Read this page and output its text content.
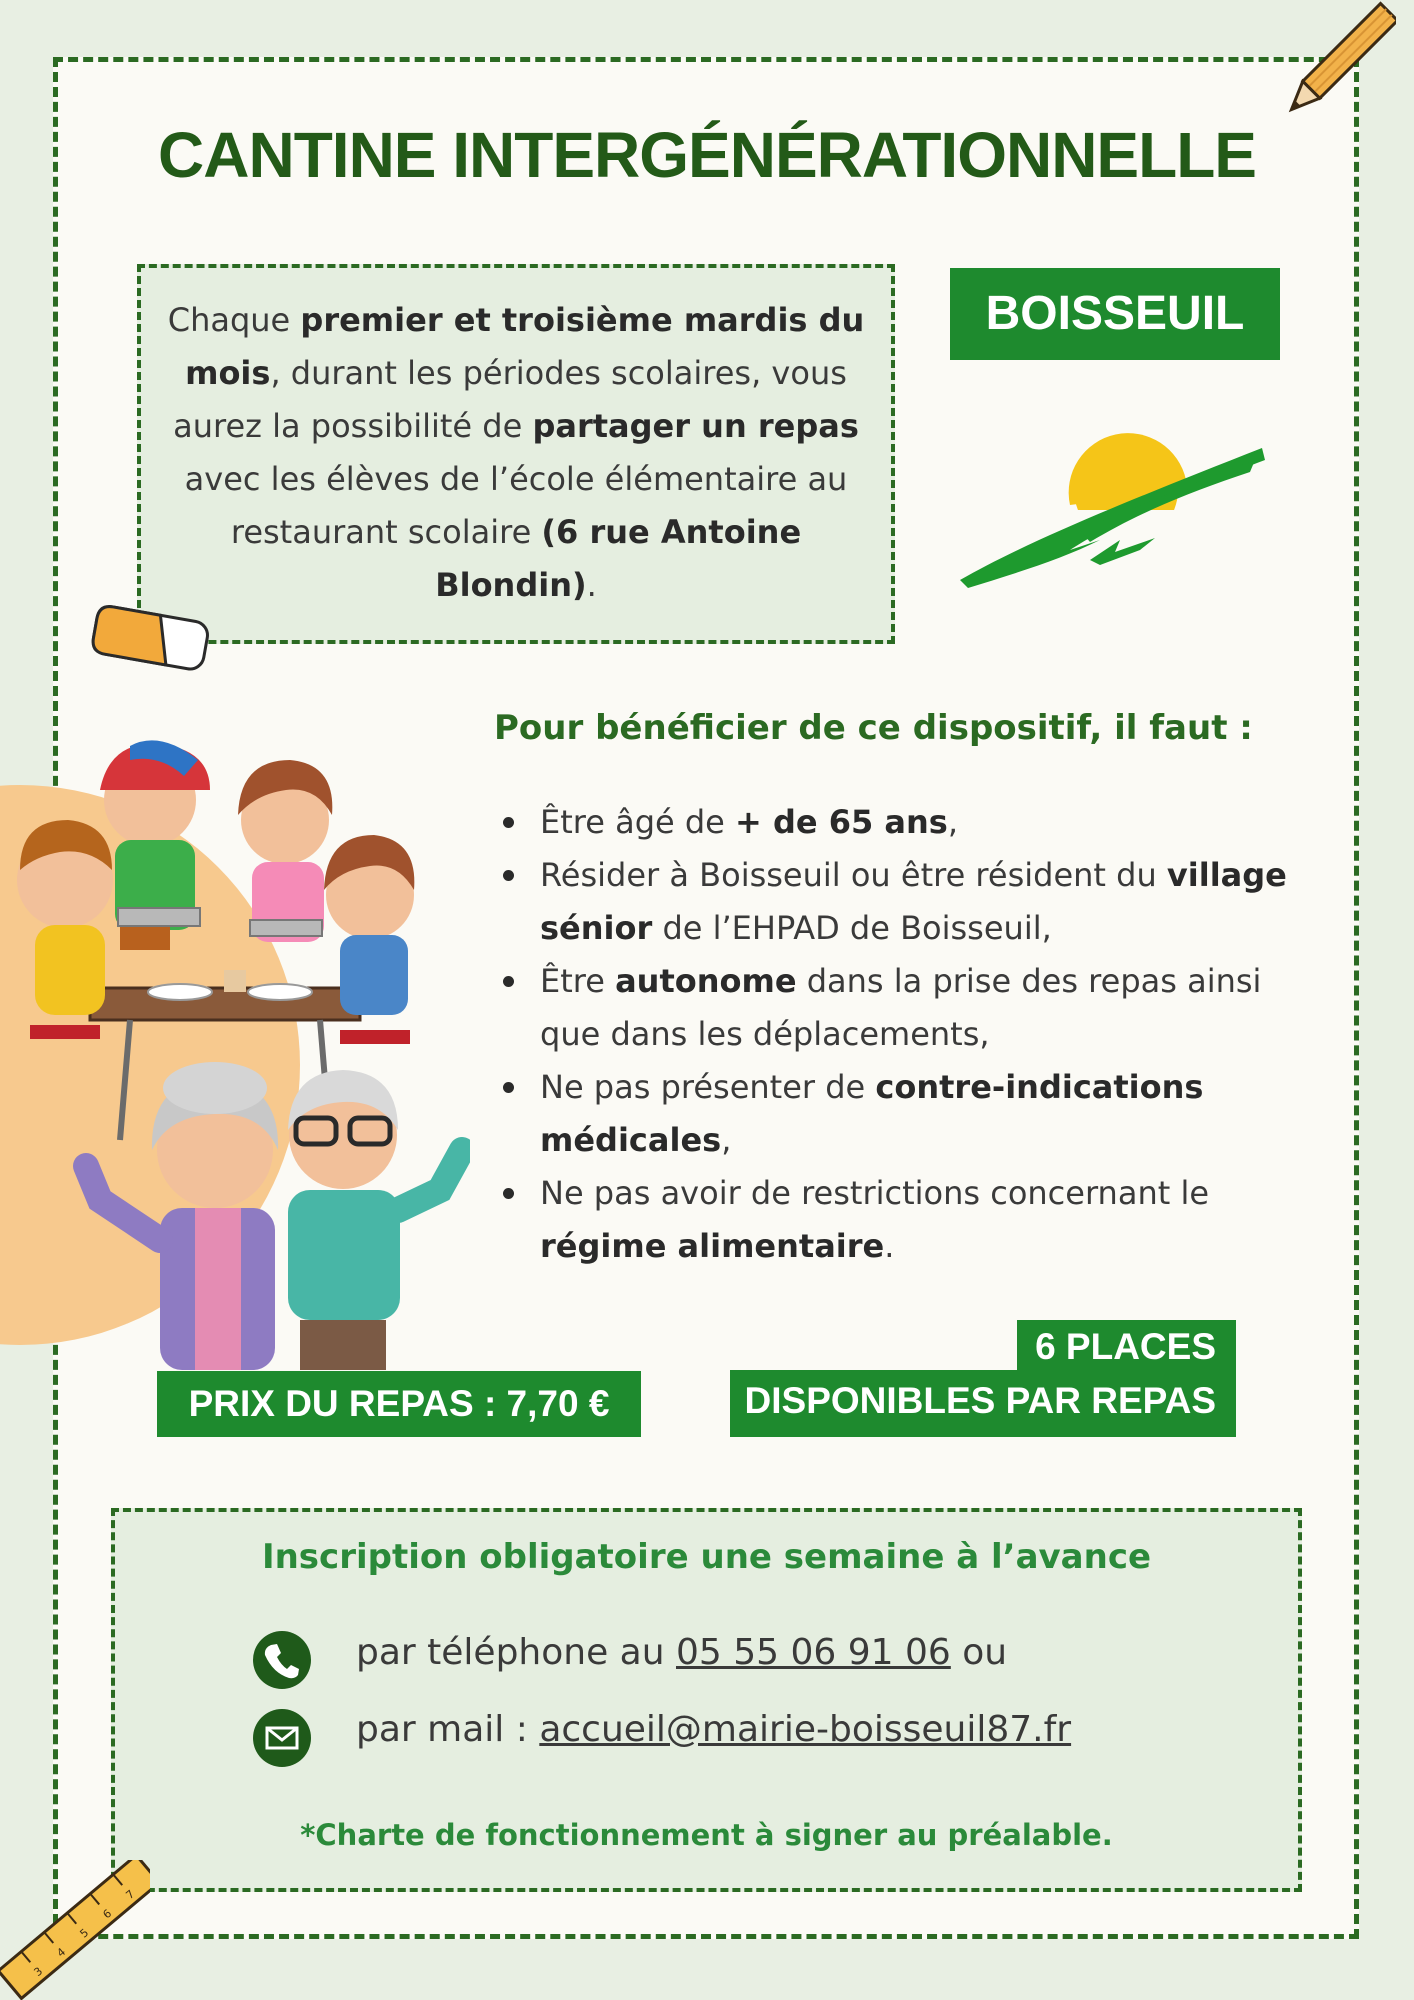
CANTINE INTERGÉNÉRATIONNELLE
Chaque premier et troisième mardis du mois, durant les périodes scolaires, vous aurez la possibilité de partager un repas avec les élèves de l’école élémentaire au restaurant scolaire (6 rue Antoine Blondin).
BOISSEUIL
Pour bénéficier de ce dispositif, il faut :
Être âgé de + de 65 ans,
Résider à Boisseuil ou être résident du village sénior de l’EHPAD de Boisseuil,
Être autonome dans la prise des repas ainsi que dans les déplacements,
Ne pas présenter de contre-indications médicales,
Ne pas avoir de restrictions concernant le régime alimentaire.
PRIX DU REPAS : 7,70 €
6 PLACES
DISPONIBLES PAR REPAS
Inscription obligatoire une semaine à l’avance
par téléphone au 05 55 06 91 06 ou
par mail : accueil@mairie-boisseuil87.fr
*Charte de fonctionnement à signer au préalable.
3
4
5
6
7
